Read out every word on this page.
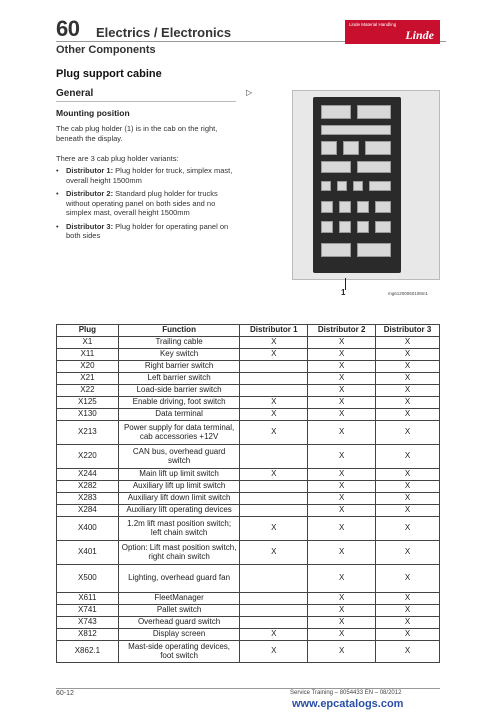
60 Electrics / Electronics
Linde Material Handling
Linde
Other Components
Plug support cabine
General	▷
Mounting position
The cab plug holder (1) is in the cab on the right, beneath the display.
There are 3 cab plug holder variants:
• Distributor 1: Plug holder for truck, simplex mast, overall height 1500mm
• Distributor 2: Standard plug holder for trucks without operating panel on both sides and no simplex mast, overall height 1500mm
• Distributor 3: Plug holder for operating panel on both sides
1	mg61200060108m1
Plug	Function	Distributor 1	Distributor 2	Distributor 3
X1	Trailing cable	X	X	X
X11	Key switch	X	X	X
X20	Right barrier switch		X	X
X21	Left barrier switch		X	X
X22	Load-side barrier switch		X	X
X125	Enable driving, foot switch	X	X	X
X130	Data terminal	X	X	X
X213	Power supply for data terminal, cab accessories +12V	X	X	X
X220	CAN bus, overhead guard switch		X	X
X244	Main lift up limit switch	X	X	X
X282	Auxiliary lift up limit switch		X	X
X283	Auxiliary lift down limit switch		X	X
X284	Auxiliary lift operating devices		X	X
X400	1.2m lift mast position switch; left chain switch	X	X	X
X401	Option: Lift mast position switch, right chain switch	X	X	X
X500	Lighting, overhead guard fan		X	X
X611	FleetManager		X	X
X741	Pallet switch		X	X
X743	Overhead guard switch		X	X
X812	Display screen	X	X	X
X862.1	Mast-side operating devices, foot switch	X	X	X
60-12	Service Training – 8054433 EN – 08/2012
www.epcatalogs.com
